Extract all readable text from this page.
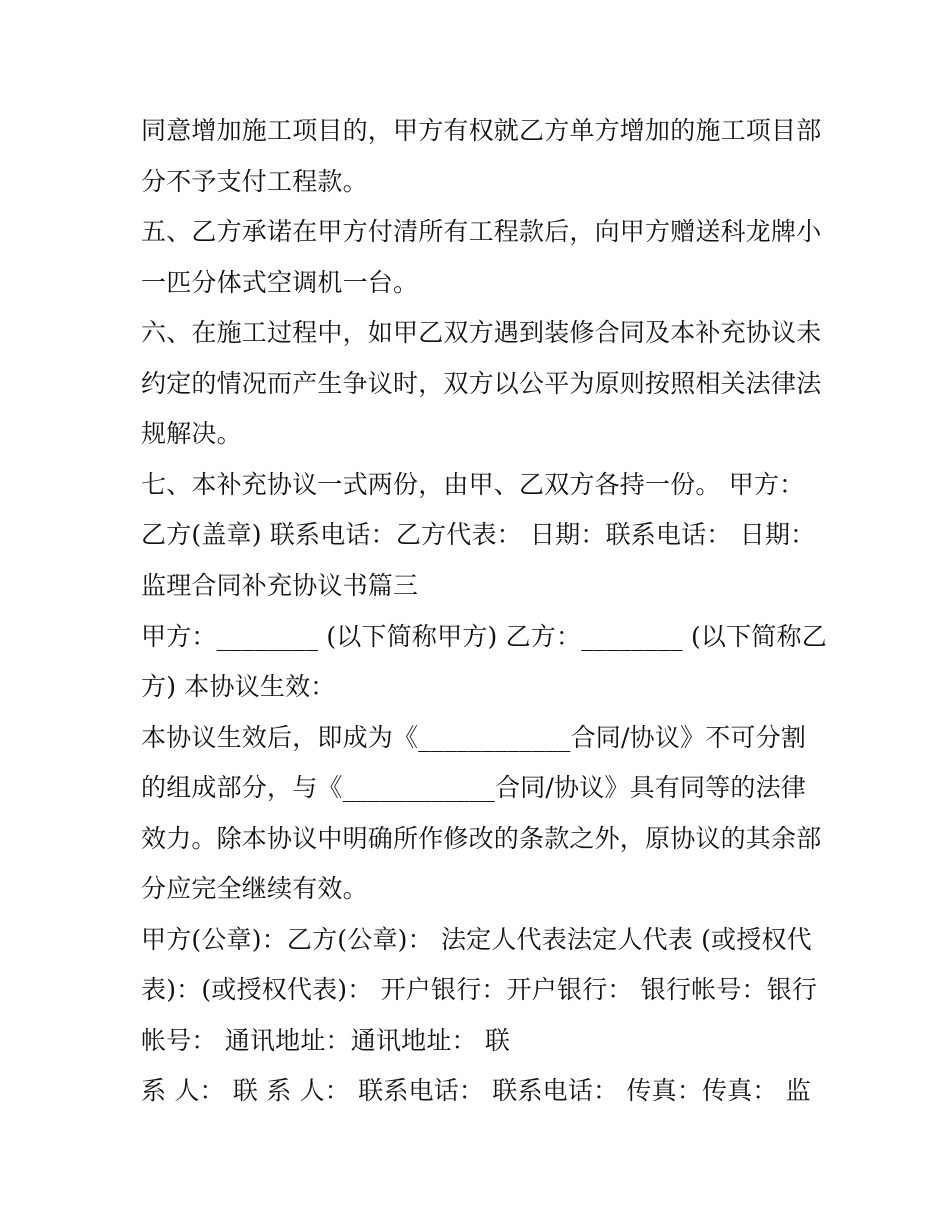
同意增加施工项目的，甲方有权就乙方单方增加的施工项目部
分不予支付工程款。
五、乙方承诺在甲方付清所有工程款后，向甲方赠送科龙牌小
一匹分体式空调机一台。
六、在施工过程中，如甲乙双方遇到装修合同及本补充协议未
约定的情况而产生争议时，双方以公平为原则按照相关法律法
规解决。
七、本补充协议一式两份，由甲、乙双方各持一份。 甲方：
乙方(盖章) 联系电话：乙方代表： 日期：联系电话： 日期：
监理合同补充协议书篇三
甲方：________ (以下简称甲方) 乙方：________ (以下简称乙
方) 本协议生效：
本协议生效后，即成为《____________合同/协议》不可分割
的组成部分，与《____________合同/协议》具有同等的法律
效力。除本协议中明确所作修改的条款之外，原协议的其余部
分应完全继续有效。
甲方(公章)：乙方(公章)： 法定人代表法定人代表 (或授权代
表)：(或授权代表)： 开户银行：开户银行： 银行帐号：银行
帐号： 通讯地址：通讯地址： 联
系 人： 联 系 人： 联系电话： 联系电话： 传真：传真： 监
